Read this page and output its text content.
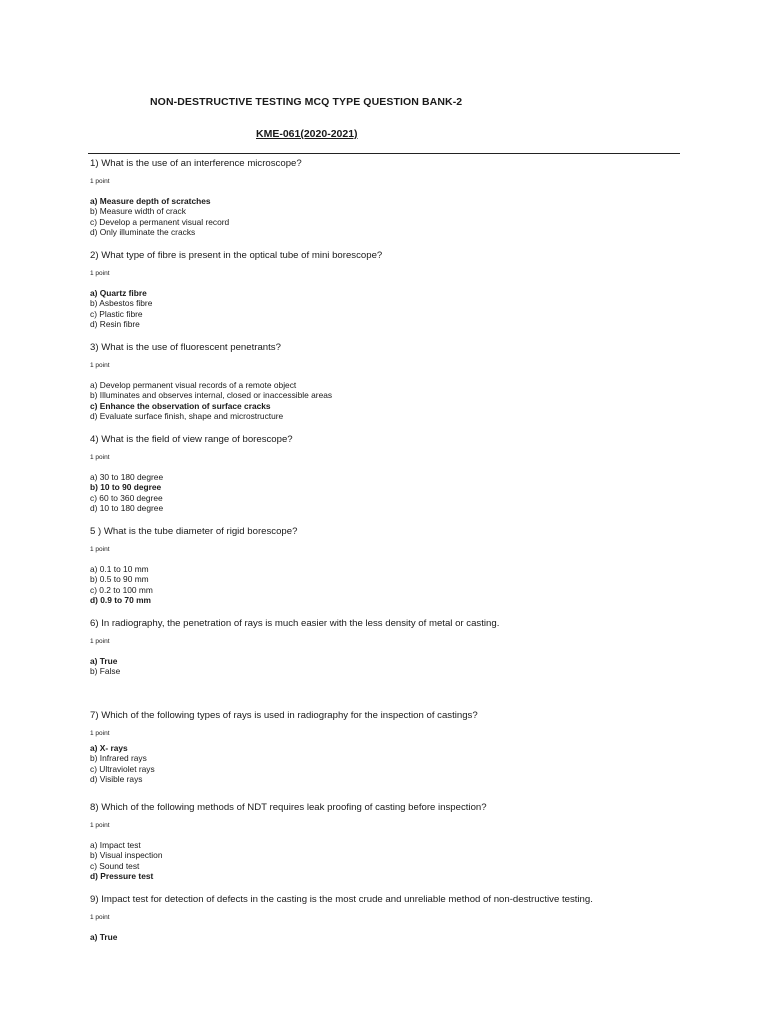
NON-DESTRUCTIVE TESTING MCQ TYPE QUESTION BANK-2
KME-061(2020-2021)
1) What is the use of an interference microscope?
1 point
a) Measure depth of scratches
b) Measure width of crack
c) Develop a permanent visual record
d) Only illuminate the cracks
2) What type of fibre is present in the optical tube of mini borescope?
1 point
a) Quartz fibre
b) Asbestos fibre
c) Plastic fibre
d) Resin fibre
3) What is the use of fluorescent penetrants?
1 point
a) Develop permanent visual records of a remote object
b) Illuminates and observes internal, closed or inaccessible areas
c) Enhance the observation of surface cracks
d) Evaluate surface finish, shape and microstructure
4) What is the field of view range of borescope?
1 point
a) 30 to 180 degree
b) 10 to 90 degree
c) 60 to 360 degree
d) 10 to 180 degree
5 ) What is the tube diameter of rigid borescope?
1 point
a) 0.1 to 10 mm
b) 0.5 to 90 mm
c) 0.2 to 100 mm
d) 0.9 to 70 mm
6) In radiography, the penetration of rays is much easier with the less density of metal or casting.
1 point
a) True
b) False
7) Which of the following types of rays is used in radiography for the inspection of castings?
1 point
a) X- rays
b) Infrared rays
c) Ultraviolet rays
d) Visible rays
8) Which of the following methods of NDT requires leak proofing of casting before inspection?
1 point
a) Impact test
b) Visual inspection
c) Sound test
d) Pressure test
9) Impact test for detection of defects in the casting is the most crude and unreliable method of non-destructive testing.
1 point
a) True
